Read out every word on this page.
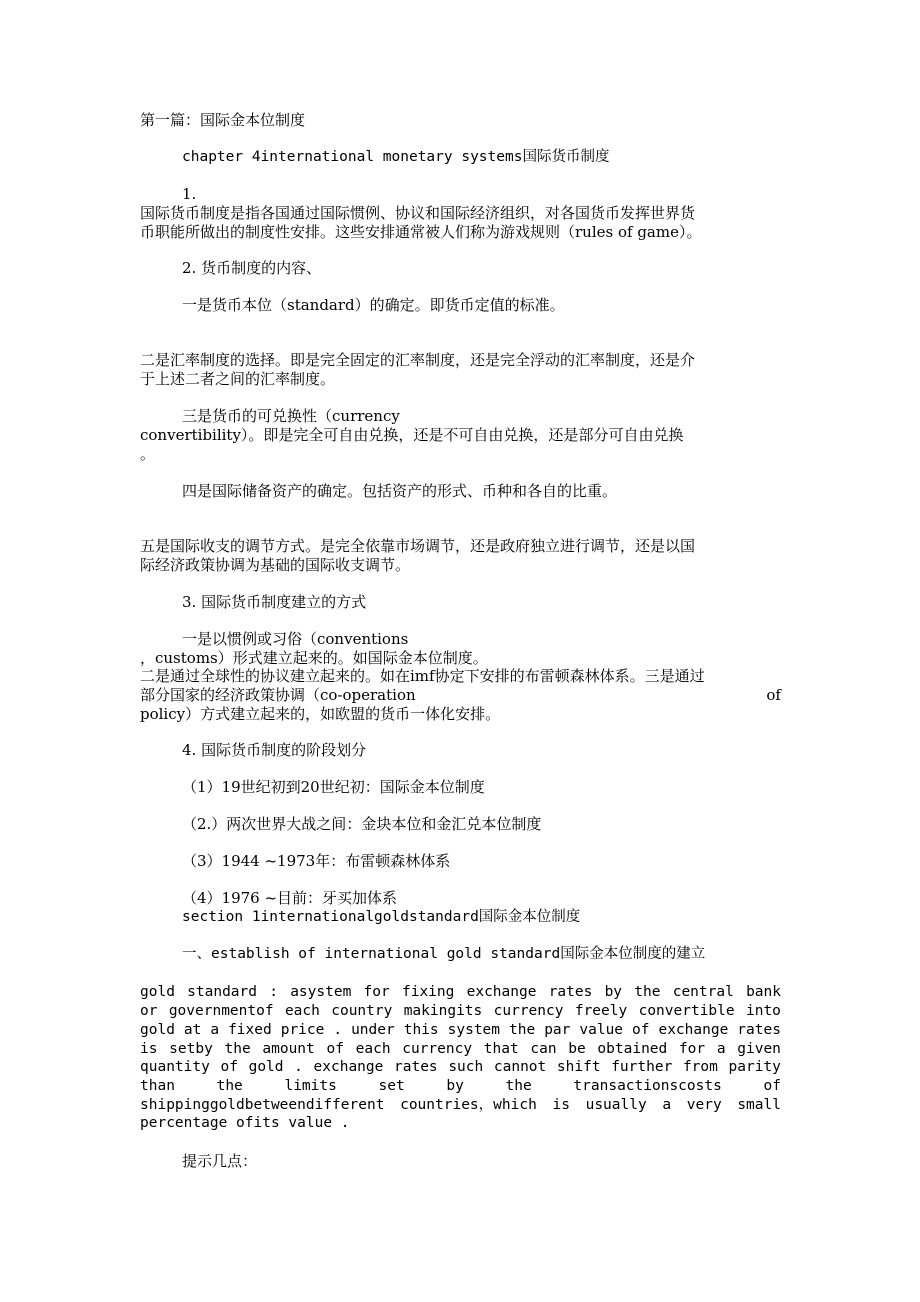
第一篇：国际金本位制度
chapter 4international monetary systems国际货币制度
1.
国际货币制度是指各国通过国际惯例、协议和国际经济组织，对各国货币发挥世界货
币职能所做出的制度性安排。这些安排通常被人们称为游戏规则（rules of game）。
2. 货币制度的内容、
一是货币本位（standard）的确定。即货币定值的标准。
二是汇率制度的选择。即是完全固定的汇率制度，还是完全浮动的汇率制度，还是介
于上述二者之间的汇率制度。
三是货币的可兑换性（currency
convertibility）。即是完全可自由兑换，还是不可自由兑换，还是部分可自由兑换
。
四是国际储备资产的确定。包括资产的形式、币种和各自的比重。
五是国际收支的调节方式。是完全依靠市场调节，还是政府独立进行调节，还是以国
际经济政策协调为基础的国际收支调节。
3. 国际货币制度建立的方式
一是以惯例或习俗（conventions
，customs）形式建立起来的。如国际金本位制度。
二是通过全球性的协议建立起来的。如在imf协定下安排的布雷顿森林体系。三是通过
部分国家的经济政策协调（co-operation	of
policy）方式建立起来的，如欧盟的货币一体化安排。
4. 国际货币制度的阶段划分
（1）19世纪初到20世纪初：国际金本位制度
（2.）两次世界大战之间：金块本位和金汇兑本位制度
（3）1944 ~1973年：布雷顿森林体系
（4）1976 ~目前：牙买加体系
section 1internationalgoldstandard国际金本位制度
一、establish of international gold standard国际金本位制度的建立
gold standard : asystem for fixing exchange rates by the central bank
or governmentof each country makingits currency freely convertible into
gold at a fixed price . under this system the par value of exchange rates
is setby the amount of each currency that can be obtained for a given
quantity of gold . exchange rates such cannot shift further from parity
than	the	limits	set	by	the	transactionscosts	of
shippinggoldbetweendifferent countries，which is usually a very small
percentage ofits value .
提示几点：
